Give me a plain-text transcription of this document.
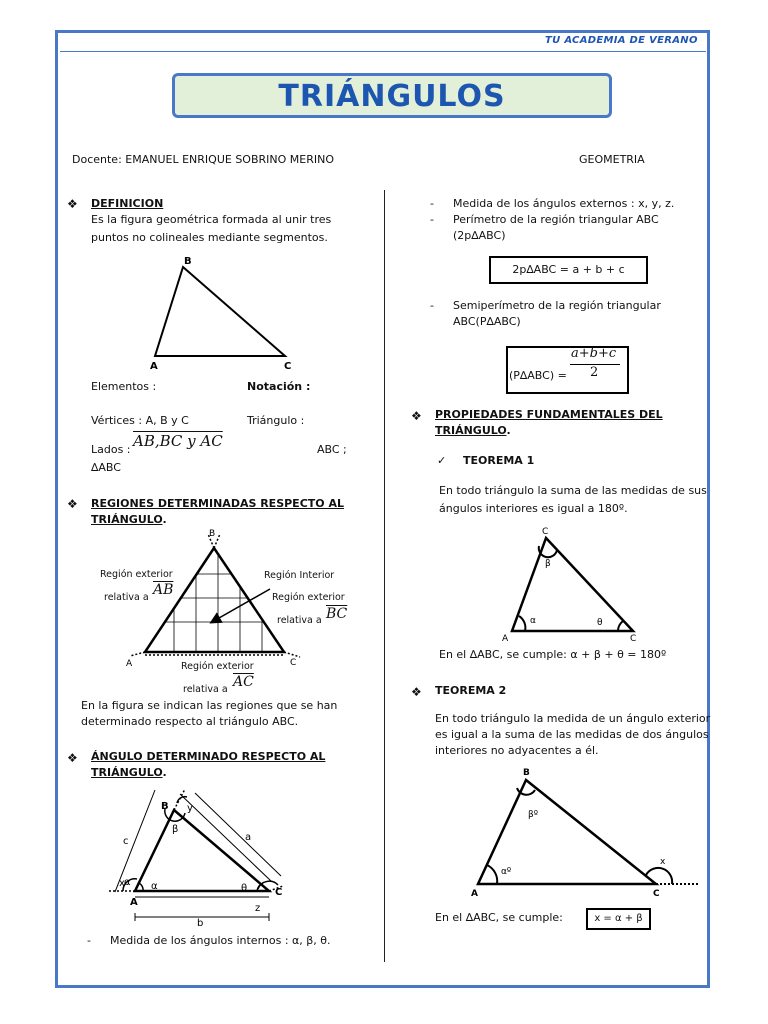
TU ACADEMIA DE VERANO
TRIÁNGULOS
Docente: EMANUEL ENRIQUE SOBRINO MERINO	GEOMETRIA
❖ DEFINICION
Es la figura geométrica formada al unir tres
puntos no colineales mediante segmentos.
B
A	C
Elementos :	Notación :
Vértices : A, B y C	Triángulo :
Lados : AB,BC y AC	ABC ;
∆ABC
❖ REGIONES DETERMINADAS RESPECTO AL
TRIÁNGULO.
B
A	C
Región exterior
relativa a $\overline{AB}$
Región Interior
Región exterior
relativa a $\overline{BC}$
Región exterior
relativa a $\overline{AC}$
En la figura se indican las regiones que se han
determinado respecto al triángulo ABC.
❖ ÁNGULO DETERMINADO RESPECTO AL
TRIÁNGULO.
B y
β
c	a
x α α	θ	C
A
z
b
- Medida de los ángulos internos : α, β, θ.
- Medida de los ángulos externos : x, y, z.
- Perímetro de la región triangular ABC
(2p∆ABC)
2p∆ABC = a + b + c
- Semiperímetro de la región triangular
ABC(P∆ABC)
(P∆ABC) =
a+b+c
2
❖ PROPIEDADES FUNDAMENTALES DEL
TRIÁNGULO.
✓ TEOREMA 1
En todo triángulo la suma de las medidas de sus
ángulos interiores es igual a 180º.
C
β
α	θ
A	C
En el ∆ABC, se cumple: α + β + θ = 180º
❖ TEOREMA 2
En todo triángulo la medida de un ángulo exterior
es igual a la suma de las medidas de dos ángulos
interiores no adyacentes a él.
B
βº
αº
x
A	C
En el ∆ABC, se cumple:	x = α + β
